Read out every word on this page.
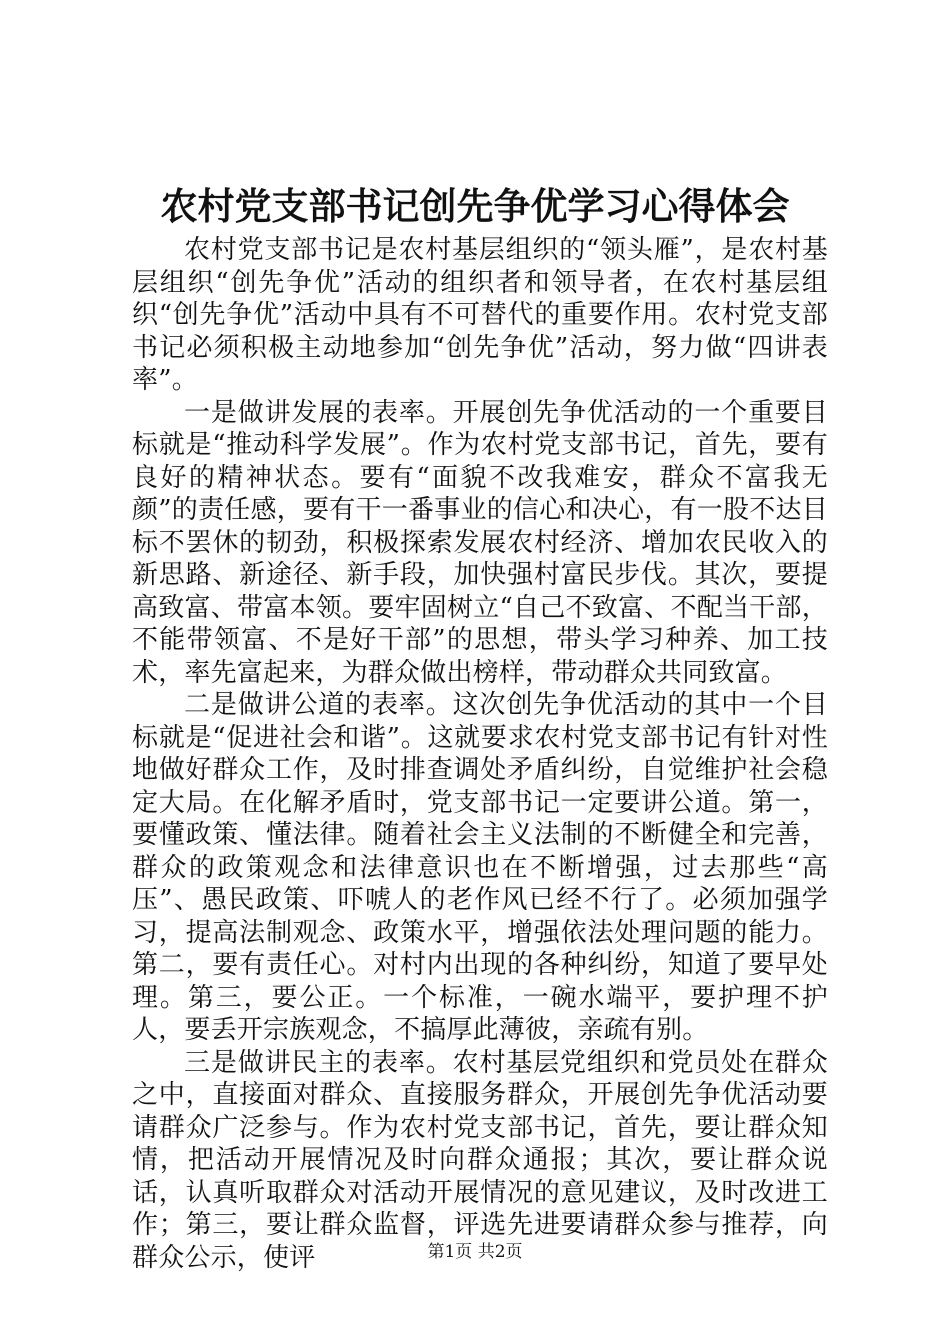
农村党支部书记创先争优学习心得体会

农村党支部书记是农村基层组织的“领头雁”，是农村基层组织“创先争优”活动的组织者和领导者，在农村基层组织“创先争优”活动中具有不可替代的重要作用。农村党支部书记必须积极主动地参加“创先争优”活动，努力做“四讲表率”。

一是做讲发展的表率。开展创先争优活动的一个重要目标就是“推动科学发展”。作为农村党支部书记，首先，要有良好的精神状态。要有“面貌不改我难安，群众不富我无颜”的责任感，要有干一番事业的信心和决心，有一股不达目标不罢休的韧劲，积极探索发展农村经济、增加农民收入的新思路、新途径、新手段，加快强村富民步伐。其次，要提高致富、带富本领。要牢固树立“自己不致富、不配当干部，不能带领富、不是好干部”的思想，带头学习种养、加工技术，率先富起来，为群众做出榜样，带动群众共同致富。

二是做讲公道的表率。这次创先争优活动的其中一个目标就是“促进社会和谐”。这就要求农村党支部书记有针对性地做好群众工作，及时排查调处矛盾纠纷，自觉维护社会稳定大局。在化解矛盾时，党支部书记一定要讲公道。第一，要懂政策、懂法律。随着社会主义法制的不断健全和完善，群众的政策观念和法律意识也在不断增强，过去那些“高压”、愚民政策、吓唬人的老作风已经不行了。必须加强学习，提高法制观念、政策水平，增强依法处理问题的能力。第二，要有责任心。对村内出现的各种纠纷，知道了要早处理。第三，要公正。一个标准，一碗水端平，要护理不护人，要丢开宗族观念，不搞厚此薄彼，亲疏有别。

三是做讲民主的表率。农村基层党组织和党员处在群众之中，直接面对群众、直接服务群众，开展创先争优活动要请群众广泛参与。作为农村党支部书记，首先，要让群众知情，把活动开展情况及时向群众通报；其次，要让群众说话，认真听取群众对活动开展情况的意见建议，及时改进工作；第三，要让群众监督，评选先进要请群众参与推荐，向群众公示，使评	第1页 共2页
